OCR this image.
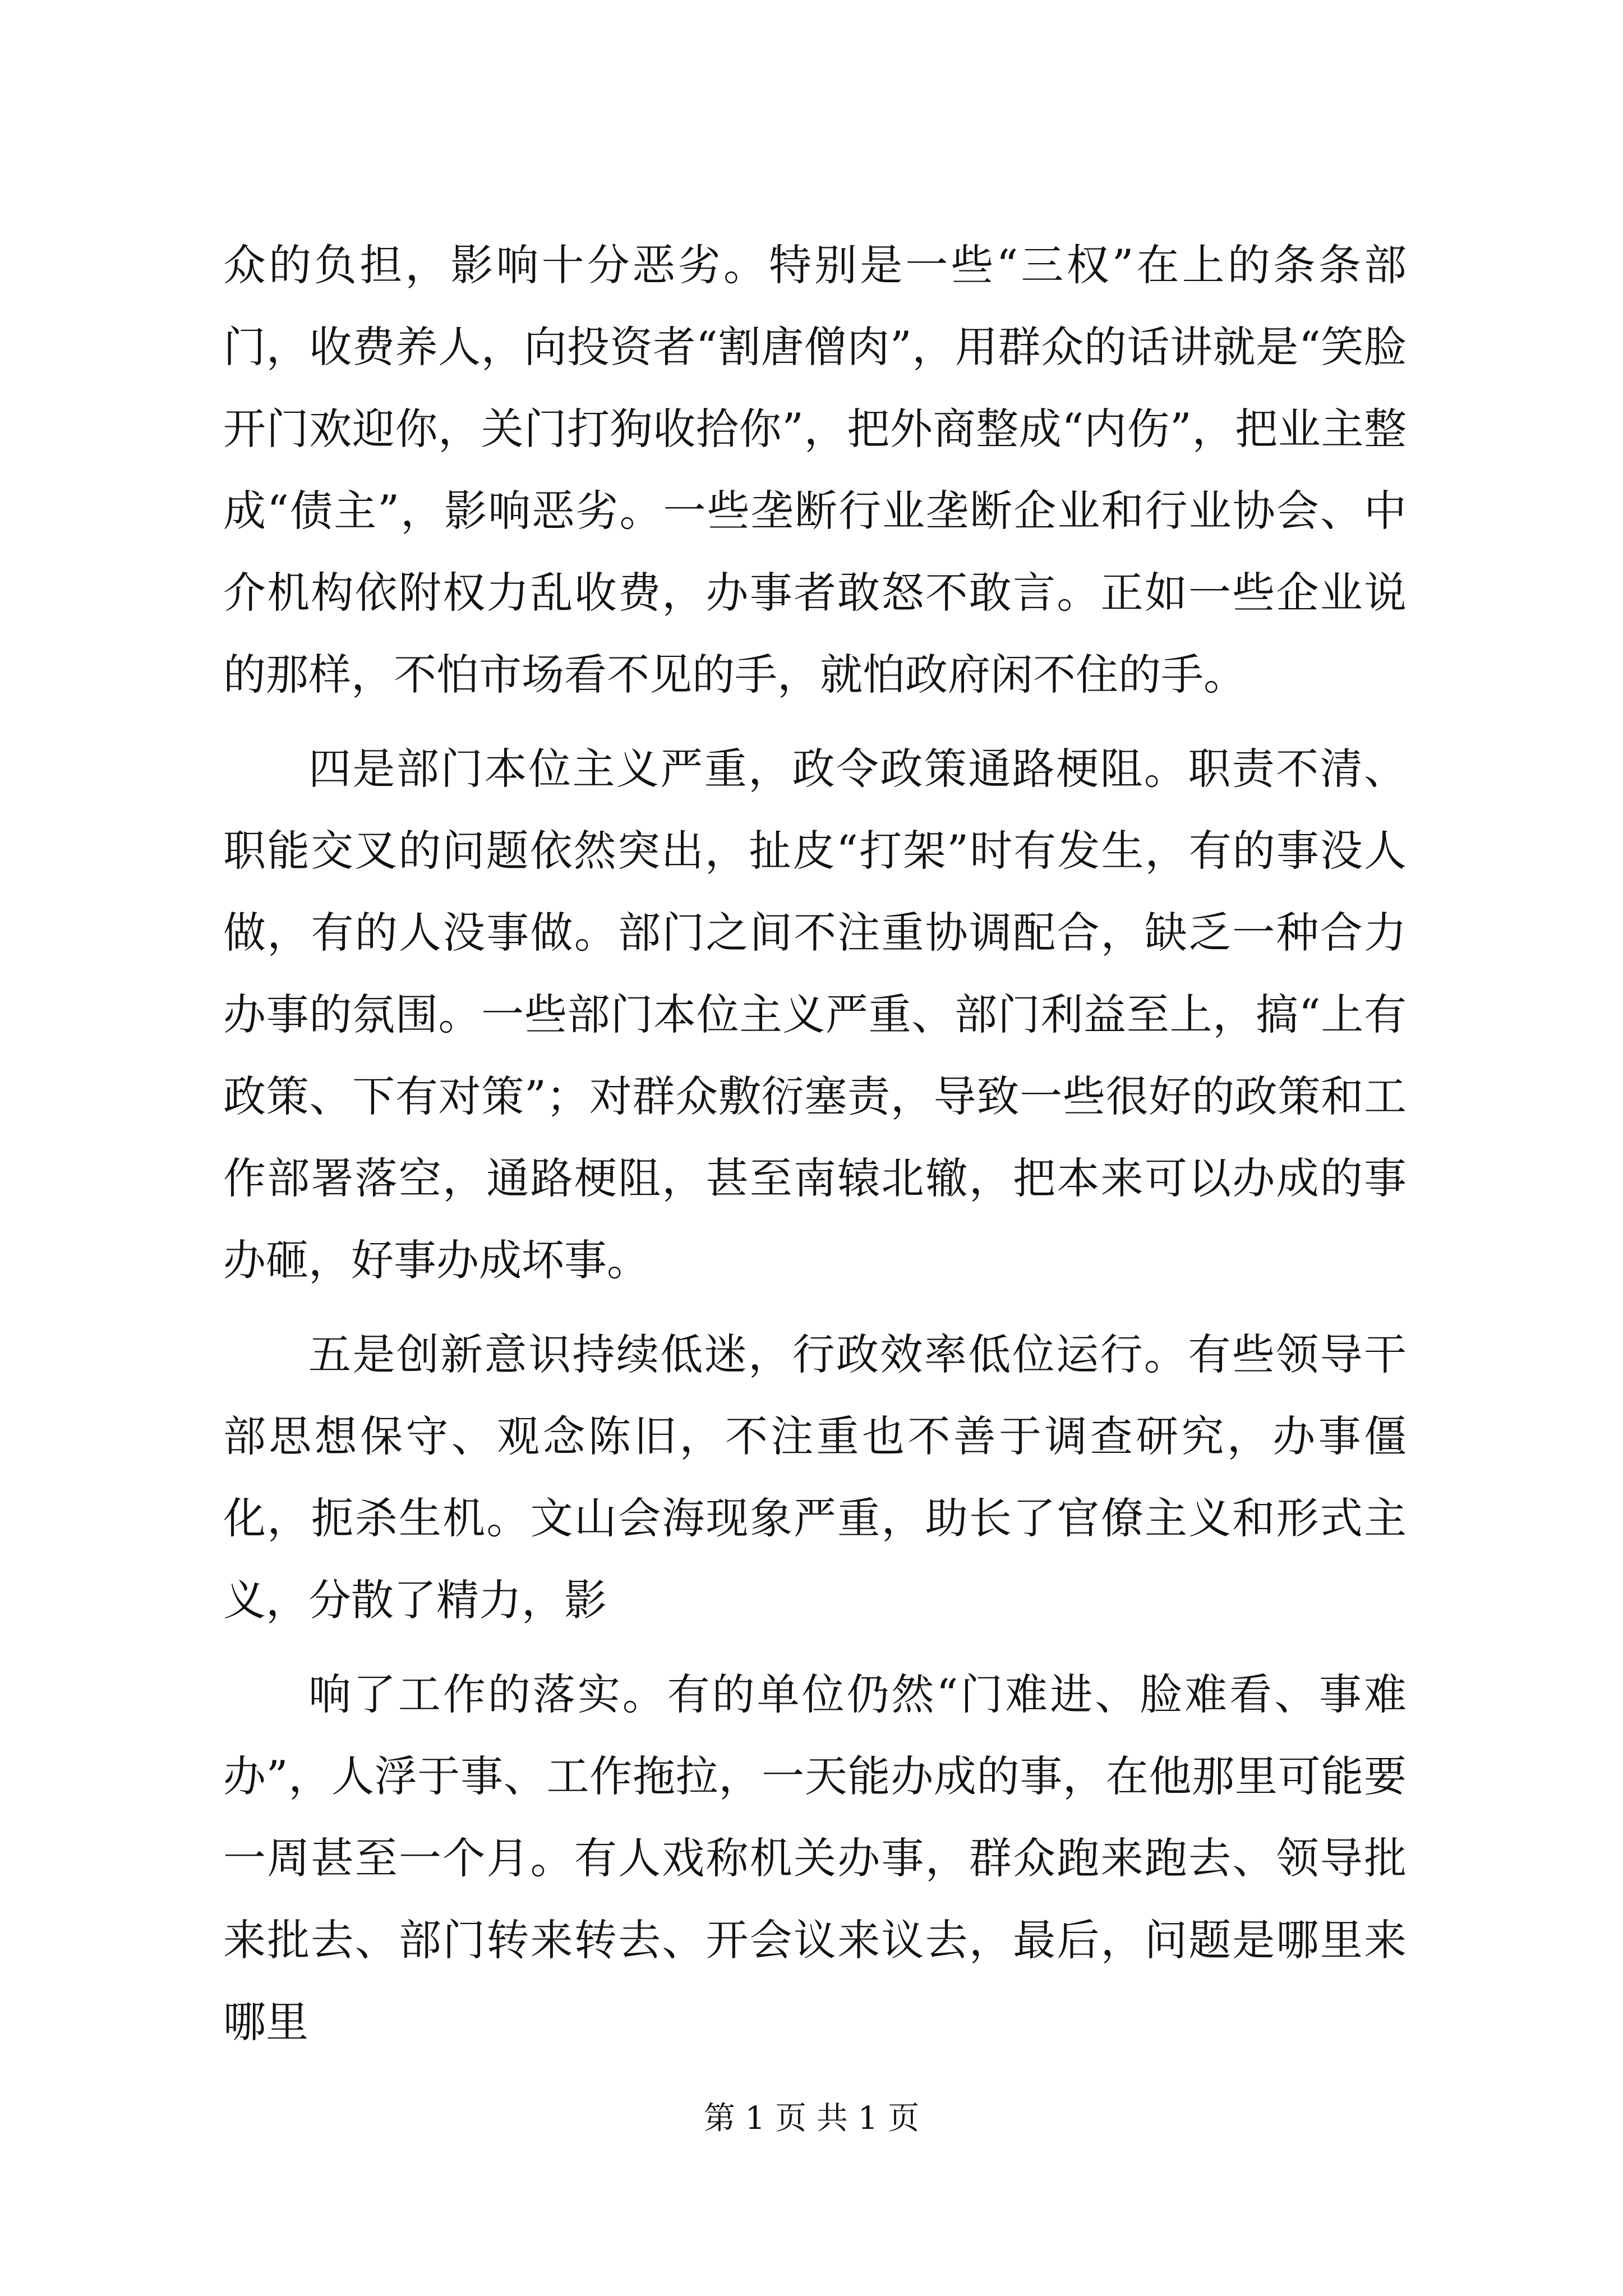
众的负担，影响十分恶劣。特别是一些“三权”在上的条条部门，收费养人，向投资者“割唐僧肉”，用群众的话讲就是“笑脸开门欢迎你，关门打狗收拾你”，把外商整成“内伤”，把业主整成“债主”，影响恶劣。一些垄断行业垄断企业和行业协会、中介机构依附权力乱收费，办事者敢怒不敢言。正如一些企业说的那样，不怕市场看不见的手，就怕政府闲不住的手。

四是部门本位主义严重，政令政策通路梗阻。职责不清、职能交叉的问题依然突出，扯皮“打架”时有发生，有的事没人做，有的人没事做。部门之间不注重协调配合，缺乏一种合力办事的氛围。一些部门本位主义严重、部门利益至上，搞“上有政策、下有对策”；对群众敷衍塞责，导致一些很好的政策和工作部署落空，通路梗阻，甚至南辕北辙，把本来可以办成的事办砸，好事办成坏事。

五是创新意识持续低迷，行政效率低位运行。有些领导干部思想保守、观念陈旧，不注重也不善于调查研究，办事僵化，扼杀生机。文山会海现象严重，助长了官僚主义和形式主义，分散了精力，影

响了工作的落实。有的单位仍然“门难进、脸难看、事难办”，人浮于事、工作拖拉，一天能办成的事，在他那里可能要一周甚至一个月。有人戏称机关办事，群众跑来跑去、领导批来批去、部门转来转去、开会议来议去，最后，问题是哪里来哪里

第 1 页 共 1 页
